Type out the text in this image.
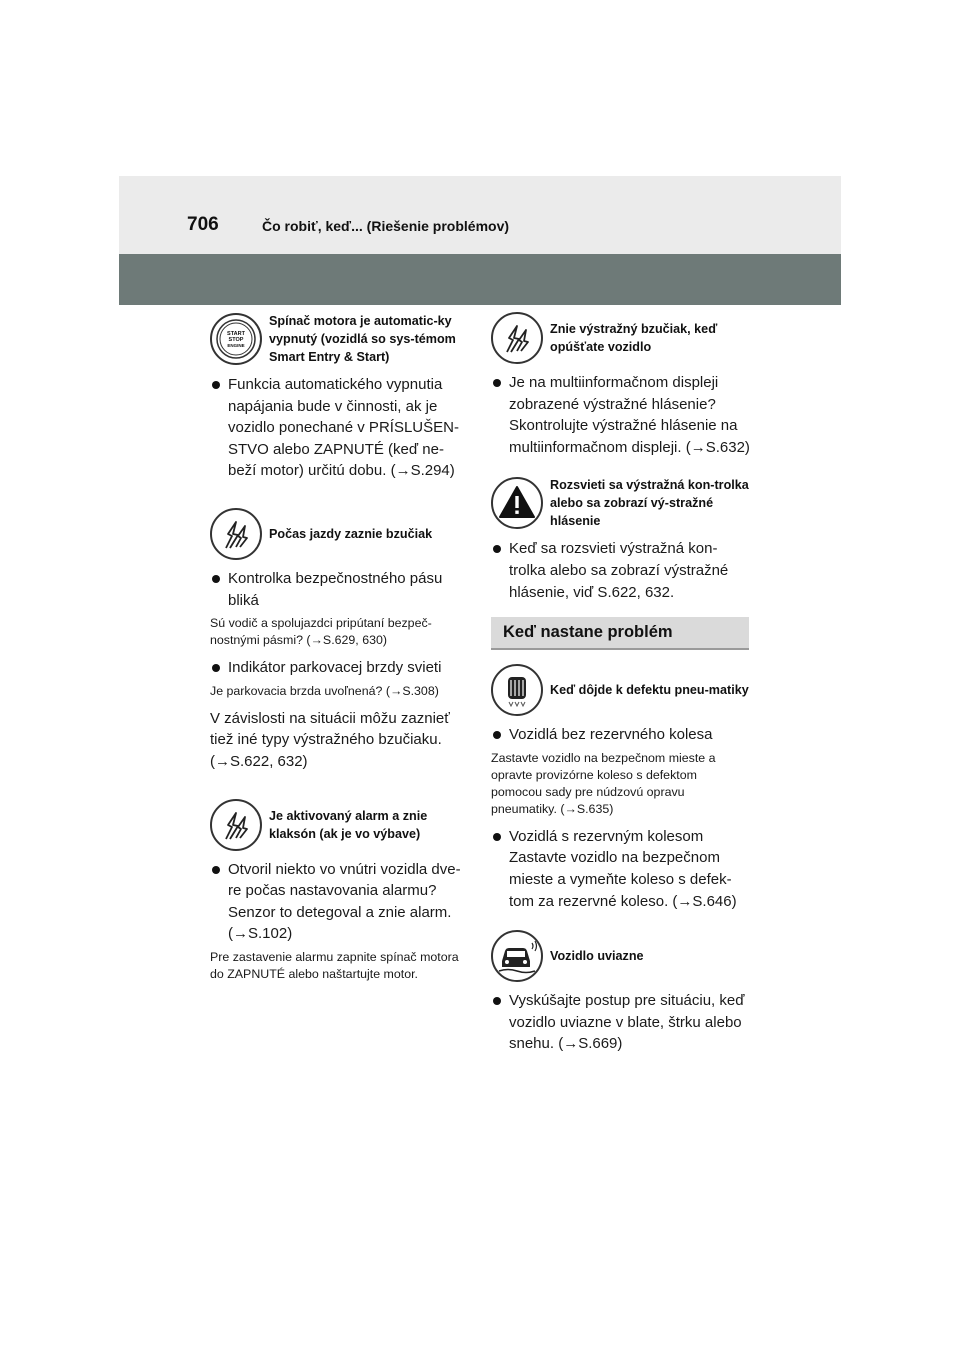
706	Čo robiť, keď... (Riešenie problémov)
START
STOP
ENGINE
Spínač motora je automatic-ky vypnutý (vozidlá so sys-témom Smart Entry & Start)
Funkcia automatického vypnutia napájania bude v činnosti, ak je vozidlo ponechané v PRÍSLUŠEN-STVO alebo ZAPNUTÉ (keď ne-beží motor) určitú dobu. (→S.294)
Počas jazdy zaznie bzučiak
Kontrolka bezpečnostného pásu bliká
Sú vodič a spolujazdci pripútaní bezpeč-nostnými pásmi? (→S.629, 630)
Indikátor parkovacej brzdy svieti
Je parkovacia brzda uvoľnená? (→S.308)
V závislosti na situácii môžu zaznieť tiež iné typy výstražného bzučiaku. (→S.622, 632)
Je aktivovaný alarm a znie klaksón (ak je vo výbave)
Otvoril niekto vo vnútri vozidla dve-re počas nastavovania alarmu? Senzor to detegoval a znie alarm. (→S.102)
Pre zastavenie alarmu zapnite spínač motora do ZAPNUTÉ alebo naštartujte motor.
Znie výstražný bzučiak, keď opúšťate vozidlo
Je na multiinformačnom displeji zobrazené výstražné hlásenie? Skontrolujte výstražné hlásenie na multiinformačnom displeji. (→S.632)
Rozsvieti sa výstražná kon-trolka alebo sa zobrazí vý-stražné hlásenie
Keď sa rozsvieti výstražná kon-trolka alebo sa zobrazí výstražné hlásenie, viď S.622, 632.
Keď nastane problém
Keď dôjde k defektu pneu-matiky
Vozidlá bez rezervného kolesa
Zastavte vozidlo na bezpečnom mieste a opravte provizórne koleso s defektom pomocou sady pre núdzovú opravu pneumatiky. (→S.635)
Vozidlá s rezervným kolesom Zastavte vozidlo na bezpečnom mieste a vymeňte koleso s defek-tom za rezervné koleso. (→S.646)
Vozidlo uviazne
Vyskúšajte postup pre situáciu, keď vozidlo uviazne v blate, štrku alebo snehu. (→S.669)
